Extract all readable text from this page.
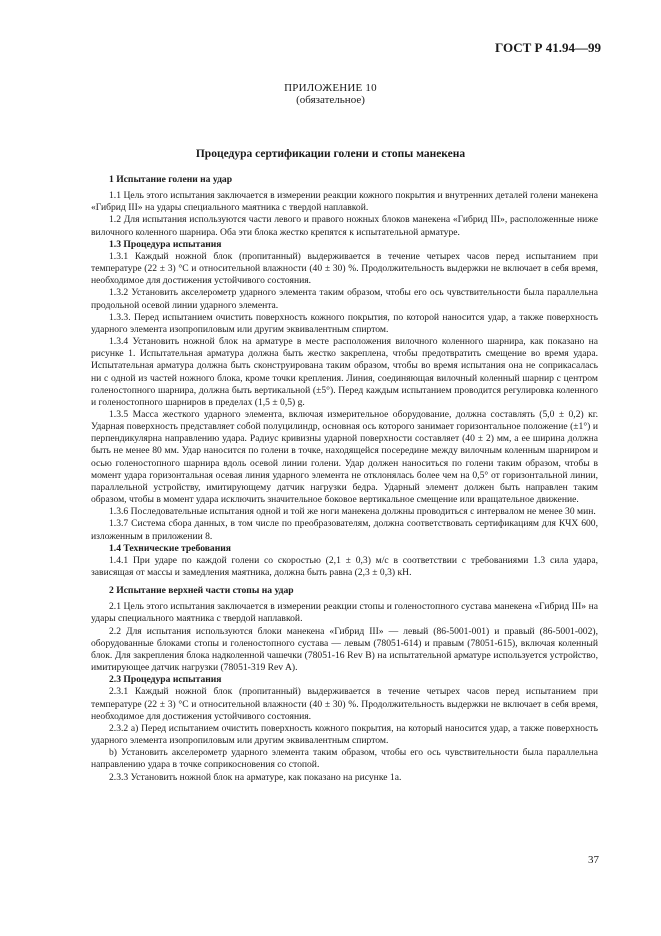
ГОСТ Р 41.94—99
ПРИЛОЖЕНИЕ 10
(обязательное)
Процедура сертификации голени и стопы манекена

1 Испытание голени на удар

1.1 Цель этого испытания заключается в измерении реакции кожного покрытия и внутренних деталей голени манекена «Гибрид III» на удары специального маятника с твердой наплавкой.

1.2 Для испытания используются части левого и правого ножных блоков манекена «Гибрид III», расположенные ниже вилочного коленного шарнира. Оба эти блока жестко крепятся к испытательной арматуре.

1.3 Процедура испытания

1.3.1 Каждый ножной блок (пропитанный) выдерживается в течение четырех часов перед испытанием при температуре (22 ± 3) °С и относительной влажности (40 ± 30) %. Продолжительность выдержки не включает в себя время, необходимое для достижения устойчивого состояния.

1.3.2 Установить акселерометр ударного элемента таким образом, чтобы его ось чувствительности была параллельна продольной осевой линии ударного элемента.

1.3.3. Перед испытанием очистить поверхность кожного покрытия, по которой наносится удар, а также поверхность ударного элемента изопропиловым или другим эквивалентным спиртом.

1.3.4 Установить ножной блок на арматуре в месте расположения вилочного коленного шарнира, как показано на рисунке 1. Испытательная арматура должна быть жестко закреплена, чтобы предотвратить смещение во время удара. Испытательная арматура должна быть сконструирована таким образом, чтобы во время испытания она не соприкасалась ни с одной из частей ножного блока, кроме точки крепления. Линия, соединяющая вилочный коленный шарнир с центром голеностопного шарнира, должна быть вертикальной (±5°). Перед каждым испытанием проводится регулировка коленного и голеностопного шарниров в пределах (1,5 ± 0,5) g.

1.3.5 Масса жесткого ударного элемента, включая измерительное оборудование, должна составлять (5,0 ± 0,2) кг. Ударная поверхность представляет собой полуцилиндр, основная ось которого занимает горизонтальное положение (±1°) и перпендикулярна направлению удара. Радиус кривизны ударной поверхности составляет (40 ± 2) мм, а ее ширина должна быть не менее 80 мм. Удар наносится по голени в точке, находящейся посередине между вилочным коленным шарниром и осью голеностопного шарнира вдоль осевой линии голени. Удар должен наноситься по голени таким образом, чтобы в момент удара горизонтальная осевая линия ударного элемента не отклонялась более чем на 0,5° от горизонтальной линии, параллельной устройству, имитирующему датчик нагрузки бедра. Ударный элемент должен быть направлен таким образом, чтобы в момент удара исключить значительное боковое вертикальное смещение или вращательное движение.

1.3.6 Последовательные испытания одной и той же ноги манекена должны проводиться с интервалом не менее 30 мин.

1.3.7 Система сбора данных, в том числе по преобразователям, должна соответствовать сертификациям для КЧХ 600, изложенным в приложении 8.

1.4 Технические требования

1.4.1 При ударе по каждой голени со скоростью (2,1 ± 0,3) м/с в соответствии с требованиями 1.3 сила удара, зависящая от массы и замедления маятника, должна быть равна (2,3 ± 0,3) кН.

2 Испытание верхней части стопы на удар

2.1 Цель этого испытания заключается в измерении реакции стопы и голеностопного сустава манекена «Гибрид III» на удары специального маятника с твердой наплавкой.

2.2 Для испытания используются блоки манекена «Гибрид III» — левый (86-5001-001) и правый (86-5001-002), оборудованные блоками стопы и голеностопного сустава — левым (78051-614) и правым (78051-615), включая коленный блок. Для закрепления блока надколенной чашечки (78051-16 Rev B) на испытательной арматуре используется устройство, имитирующее датчик нагрузки (78051-319 Rev A).

2.3 Процедура испытания

2.3.1 Каждый ножной блок (пропитанный) выдерживается в течение четырех часов перед испытанием при температуре (22 ± 3) °С и относительной влажности (40 ± 30) %. Продолжительность выдержки не включает в себя время, необходимое для достижения устойчивого состояния.

2.3.2 а) Перед испытанием очистить поверхность кожного покрытия, на который наносится удар, а также поверхность ударного элемента изопропиловым или другим эквивалентным спиртом.

b) Установить акселерометр ударного элемента таким образом, чтобы его ось чувствительности была параллельна направлению удара в точке соприкосновения со стопой.

2.3.3 Установить ножной блок на арматуре, как показано на рисунке 1а.

37
